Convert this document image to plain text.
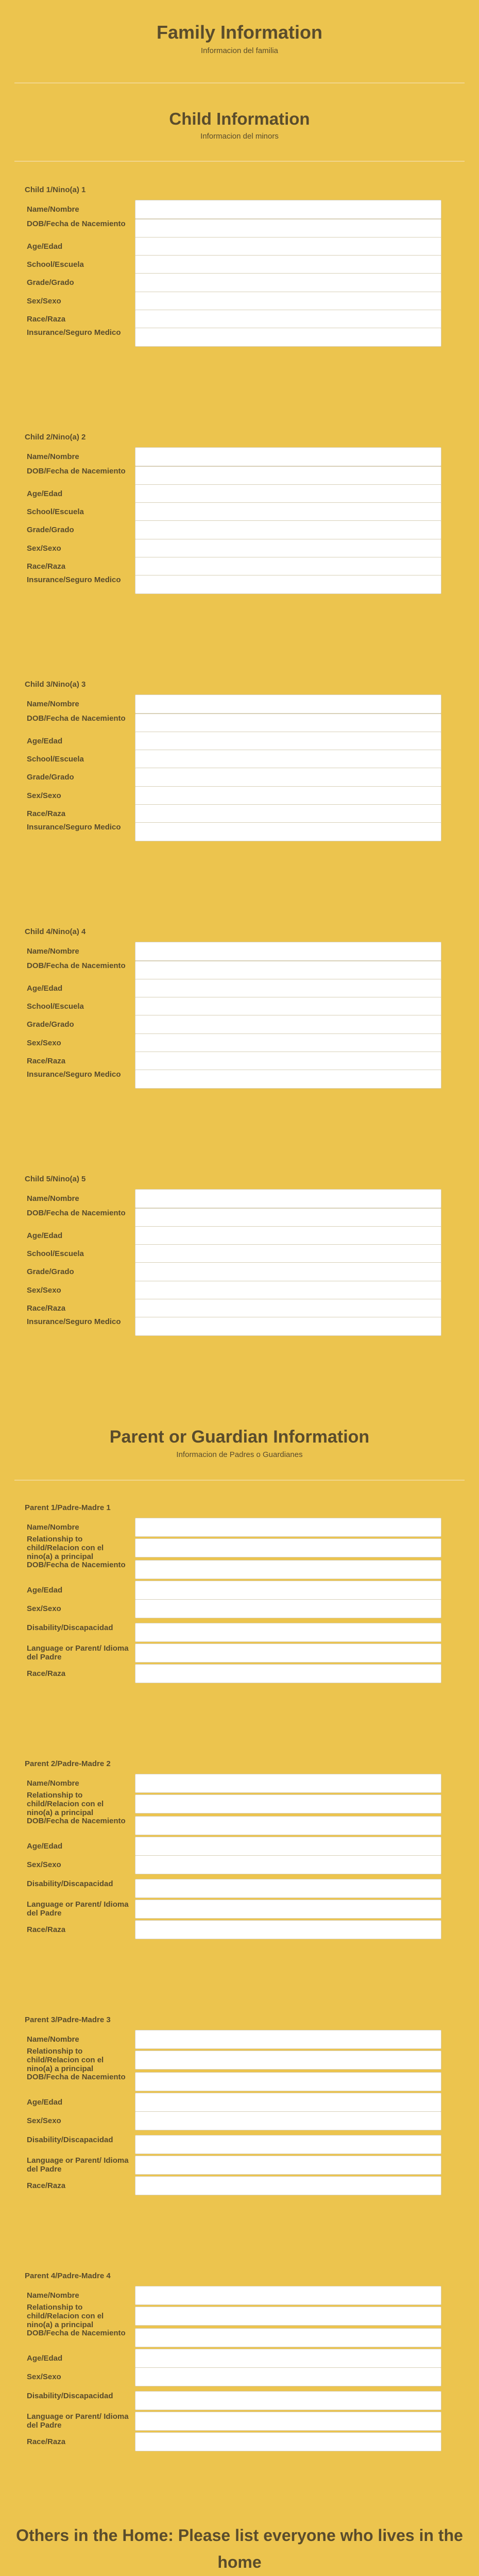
Family Information
Informacion del familia
Child Information
Informacion del minors
Child 1/Nino(a) 1
Name/Nombre
DOB/Fecha de Nacemiento
Age/Edad
School/Escuela
Grade/Grado
Sex/Sexo
Race/Raza
Insurance/Seguro Medico
Child 2/Nino(a) 2
Name/Nombre
DOB/Fecha de Nacemiento
Age/Edad
School/Escuela
Grade/Grado
Sex/Sexo
Race/Raza
Insurance/Seguro Medico
Child 3/Nino(a) 3
Name/Nombre
DOB/Fecha de Nacemiento
Age/Edad
School/Escuela
Grade/Grado
Sex/Sexo
Race/Raza
Insurance/Seguro Medico
Child 4/Nino(a) 4
Name/Nombre
DOB/Fecha de Nacemiento
Age/Edad
School/Escuela
Grade/Grado
Sex/Sexo
Race/Raza
Insurance/Seguro Medico
Child 5/Nino(a) 5
Name/Nombre
DOB/Fecha de Nacemiento
Age/Edad
School/Escuela
Grade/Grado
Sex/Sexo
Race/Raza
Insurance/Seguro Medico
Parent or Guardian Information
Informacion de Padres o Guardianes
Parent 1/Padre-Madre 1
Name/Nombre
Relationship to child/Relacion con el nino(a) a principal
DOB/Fecha de Nacemiento
Age/Edad
Sex/Sexo
Disability/Discapacidad
Language or Parent/ Idioma del Padre
Race/Raza
Parent 2/Padre-Madre 2
Name/Nombre
Relationship to child/Relacion con el nino(a) a principal
DOB/Fecha de Nacemiento
Age/Edad
Sex/Sexo
Disability/Discapacidad
Language or Parent/ Idioma del Padre
Race/Raza
Parent 3/Padre-Madre 3
Name/Nombre
Relationship to child/Relacion con el nino(a) a principal
DOB/Fecha de Nacemiento
Age/Edad
Sex/Sexo
Disability/Discapacidad
Language or Parent/ Idioma del Padre
Race/Raza
Parent 4/Padre-Madre 4
Name/Nombre
Relationship to child/Relacion con el nino(a) a principal
DOB/Fecha de Nacemiento
Age/Edad
Sex/Sexo
Disability/Discapacidad
Language or Parent/ Idioma del Padre
Race/Raza
Others in the Home: Please list everyone who lives in the home
